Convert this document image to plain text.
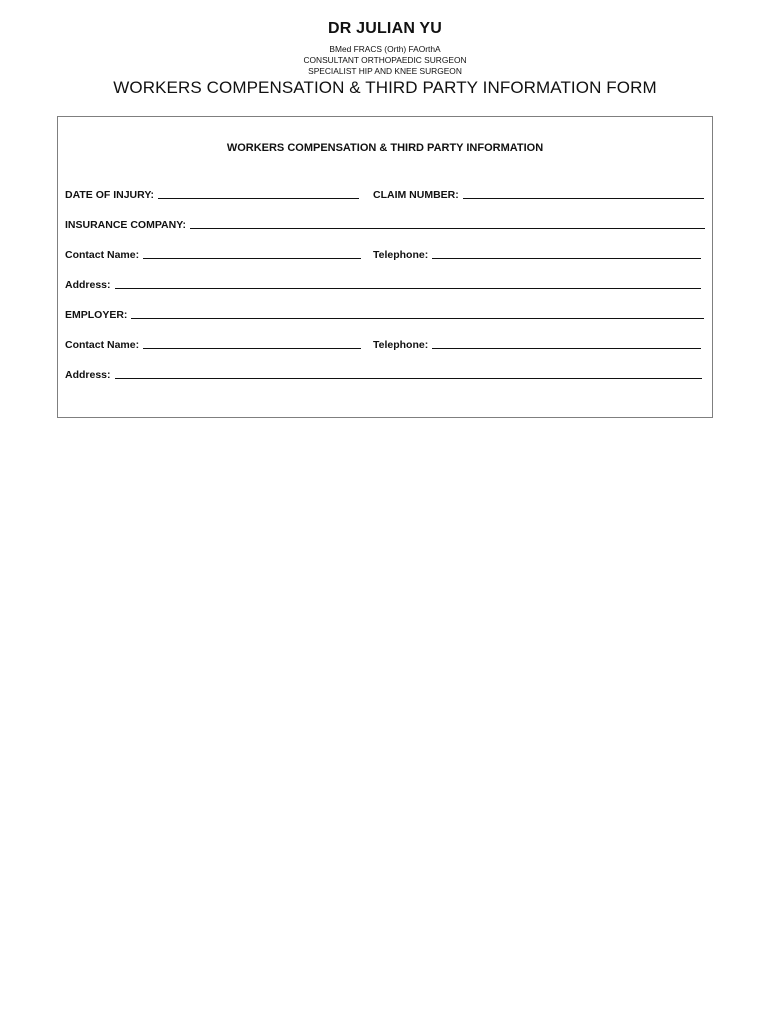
DR JULIAN YU
BMed FRACS (Orth) FAOrthA
CONSULTANT ORTHOPAEDIC SURGEON
SPECIALIST HIP AND KNEE SURGEON
WORKERS COMPENSATION & THIRD PARTY INFORMATION FORM
WORKERS COMPENSATION & THIRD PARTY INFORMATION
DATE OF INJURY:	CLAIM NUMBER:
INSURANCE COMPANY:
Contact Name:	Telephone:
Address:
EMPLOYER:
Contact Name:	Telephone:
Address:
